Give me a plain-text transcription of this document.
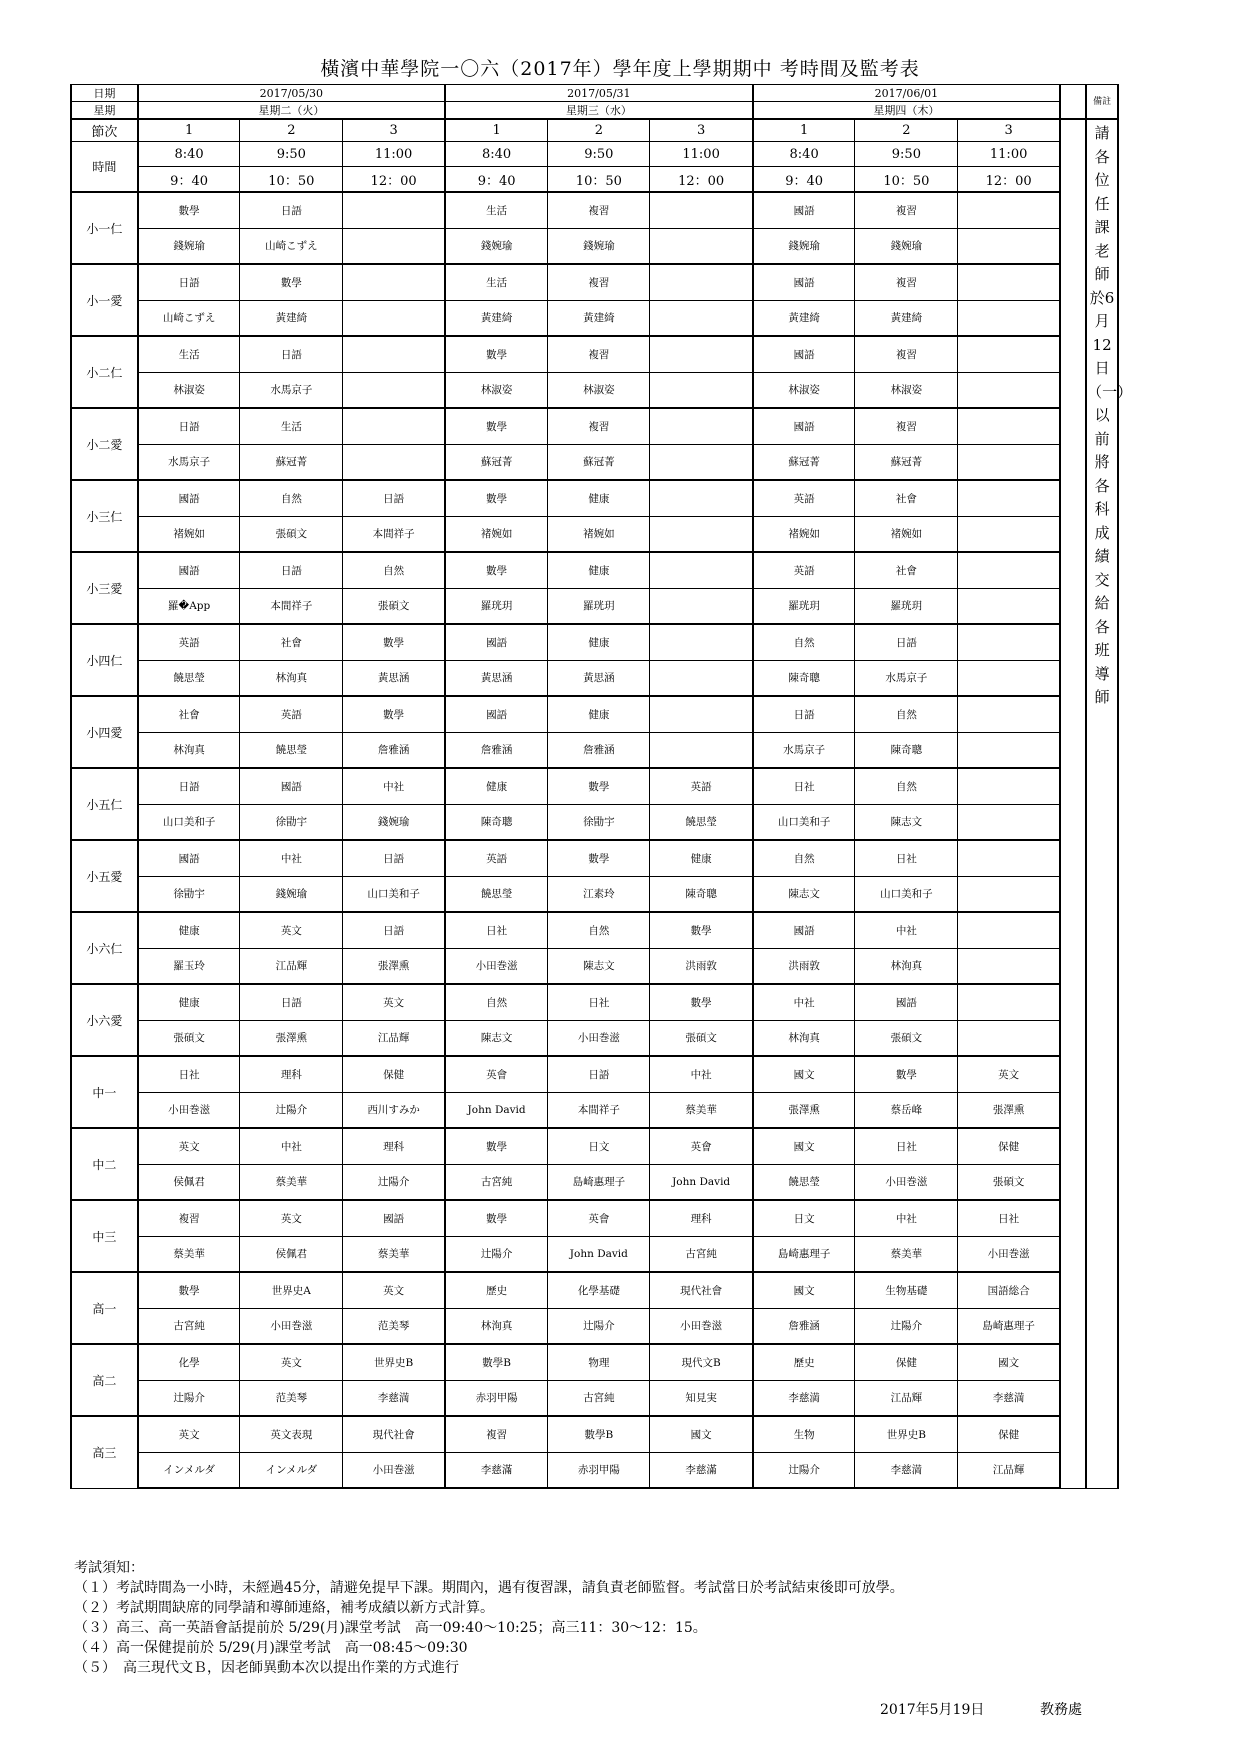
橫濱中華學院一〇六（2017年）學年度上學期期中 考時間及監考表
日期	2017/05/30			2017/05/31			2017/06/01				備註
星期	星期二（火）			星期三（水）			星期四（木）				
節次	1	2	3	1	2	3	1	2	3		請各位任課老師於6月12日（一）以前將各科成績交給各班導師
時間	8:40	9:50	11:00	8:40	9:50	11:00	8:40	9:50	11:00		
	9：40	10：50	12：00	9：40	10：50	12：00	9：40	10：50	12：00		
小一仁	數學	日語		生活	複習		國語	複習			
	錢婉瑜	山崎こずえ		錢婉瑜	錢婉瑜		錢婉瑜	錢婉瑜			
小一愛	日語	數學		生活	複習		國語	複習			
	山崎こずえ	黃建綺		黃建綺	黃建綺		黃建綺	黃建綺			
小二仁	生活	日語		數學	複習		國語	複習			
	林淑姿	水馬京子		林淑姿	林淑姿		林淑姿	林淑姿			
小二愛	日語	生活		數學	複習		國語	複習			
	水馬京子	蘇冠菁		蘇冠菁	蘇冠菁		蘇冠菁	蘇冠菁			
小三仁	國語	自然	日語	數學	健康		英語	社會			
	褚婉如	張碩文	本間祥子	褚婉如	褚婉如		褚婉如	褚婉如			
小三愛	國語	日語	自然	數學	健康		英語	社會			
	羅�App	本間祥子	張碩文	羅珖玥	羅珖玥		羅珖玥	羅珖玥			
小四仁	英語	社會	數學	國語	健康		自然	日語			
	饒思瑩	林洵真	黃思涵	黃思涵	黃思涵		陳奇聰	水馬京子			
小四愛	社會	英語	數學	國語	健康		日語	自然			
	林洵真	饒思瑩	詹雅涵	詹雅涵	詹雅涵		水馬京子	陳奇聰			
小五仁	日語	國語	中社	健康	數學	英語	日社	自然			
	山口美和子	徐勖宇	錢婉瑜	陳奇聰	徐勖宇	饒思瑩	山口美和子	陳志文			
小五愛	國語	中社	日語	英語	數學	健康	自然	日社			
	徐勖宇	錢婉瑜	山口美和子	饒思瑩	江素玲	陳奇聰	陳志文	山口美和子			
小六仁	健康	英文	日語	日社	自然	數學	國語	中社			
	羅玉玲	江品輝	張澤熏	小田巻滋	陳志文	洪雨敦	洪雨敦	林洵真			
小六愛	健康	日語	英文	自然	日社	數學	中社	國語			
	張碩文	張澤熏	江品輝	陳志文	小田巻滋	張碩文	林洵真	張碩文			
中一	日社	理科	保健	英會	日語	中社	國文	數學	英文		
	小田巻滋	辻陽介	西川すみか	John David	本間祥子	蔡美華	張澤熏	蔡岳峰	張澤熏		
中二	英文	中社	理科	數學	日文	英會	國文	日社	保健		
	侯佩君	蔡美華	辻陽介	古宮純	島崎惠理子	John David	饒思瑩	小田巻滋	張碩文		
中三	複習	英文	國語	數學	英會	理科	日文	中社	日社		
	蔡美華	侯佩君	蔡美華	辻陽介	John David	古宮純	島崎惠理子	蔡美華	小田巻滋		
高一	數學	世界史A	英文	歷史	化學基礎	現代社會	國文	生物基礎	国語総合		
	古宮純	小田巻滋	范美琴	林洵真	辻陽介	小田巻滋	詹雅涵	辻陽介	島崎惠理子		
高二	化學	英文	世界史B	數學B	物理	現代文B	歷史	保健	國文		
	辻陽介	范美琴	李慈満	赤羽甲陽	古宮純	知見実	李慈満	江品輝	李慈満		
高三	英文	英文表現	現代社會	複習	數學B	國文	生物	世界史B	保健		
	インメルダ	インメルダ	小田巻滋	李慈滿	赤羽甲陽	李慈滿	辻陽介	李慈満	江品輝		
考試須知：
（１）考試時間為一小時，未經過45分，請避免提早下課。期間內，遇有復習課，請負責老師監督。考試當日於考試結束後即可放學。
（２）考試期間缺席的同學請和導師連絡，補考成績以新方式計算。
（３）高三、高一英語會話提前於 5/29(月)課堂考試　高一09:40～10:25；高三11：30～12：15。
（４）高一保健提前於 5/29(月)課堂考試　高一08:45～09:30
（５）　高三現代文Ｂ，因老師異動本次以提出作業的方式進行
2017年5月19日	教務處
